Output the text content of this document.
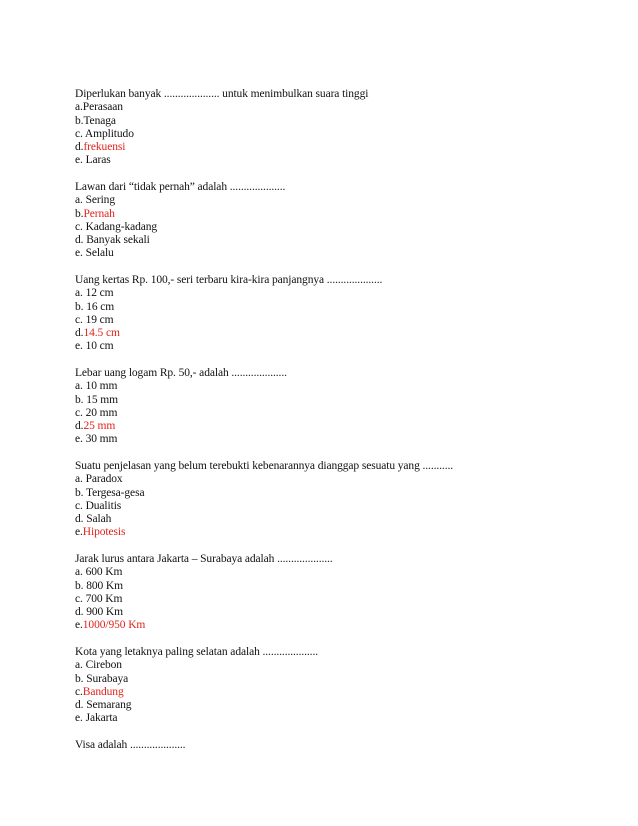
Diperlukan banyak .................... untuk menimbulkan suara tinggi
a.Perasaan
b.Tenaga
c. Amplitudo
d.frekuensi
e. Laras
Lawan dari “tidak pernah” adalah ....................
a. Sering
b.Pernah
c. Kadang-kadang
d. Banyak sekali
e. Selalu
Uang kertas Rp. 100,- seri terbaru kira-kira panjangnya ....................
a. 12 cm
b. 16 cm
c. 19 cm
d.14.5 cm
e. 10 cm
Lebar uang logam Rp. 50,- adalah ....................
a. 10 mm
b. 15 mm
c. 20 mm
d.25 mm
e. 30 mm
Suatu penjelasan yang belum terebukti kebenarannya dianggap sesuatu yang ...........
a. Paradox
b. Tergesa-gesa
c. Dualitis
d. Salah
e.Hipotesis
Jarak lurus antara Jakarta – Surabaya adalah ....................
a. 600 Km
b. 800 Km
c. 700 Km
d. 900 Km
e.1000/950 Km
Kota yang letaknya paling selatan adalah ....................
a. Cirebon
b. Surabaya
c.Bandung
d. Semarang
e. Jakarta
Visa adalah ....................
